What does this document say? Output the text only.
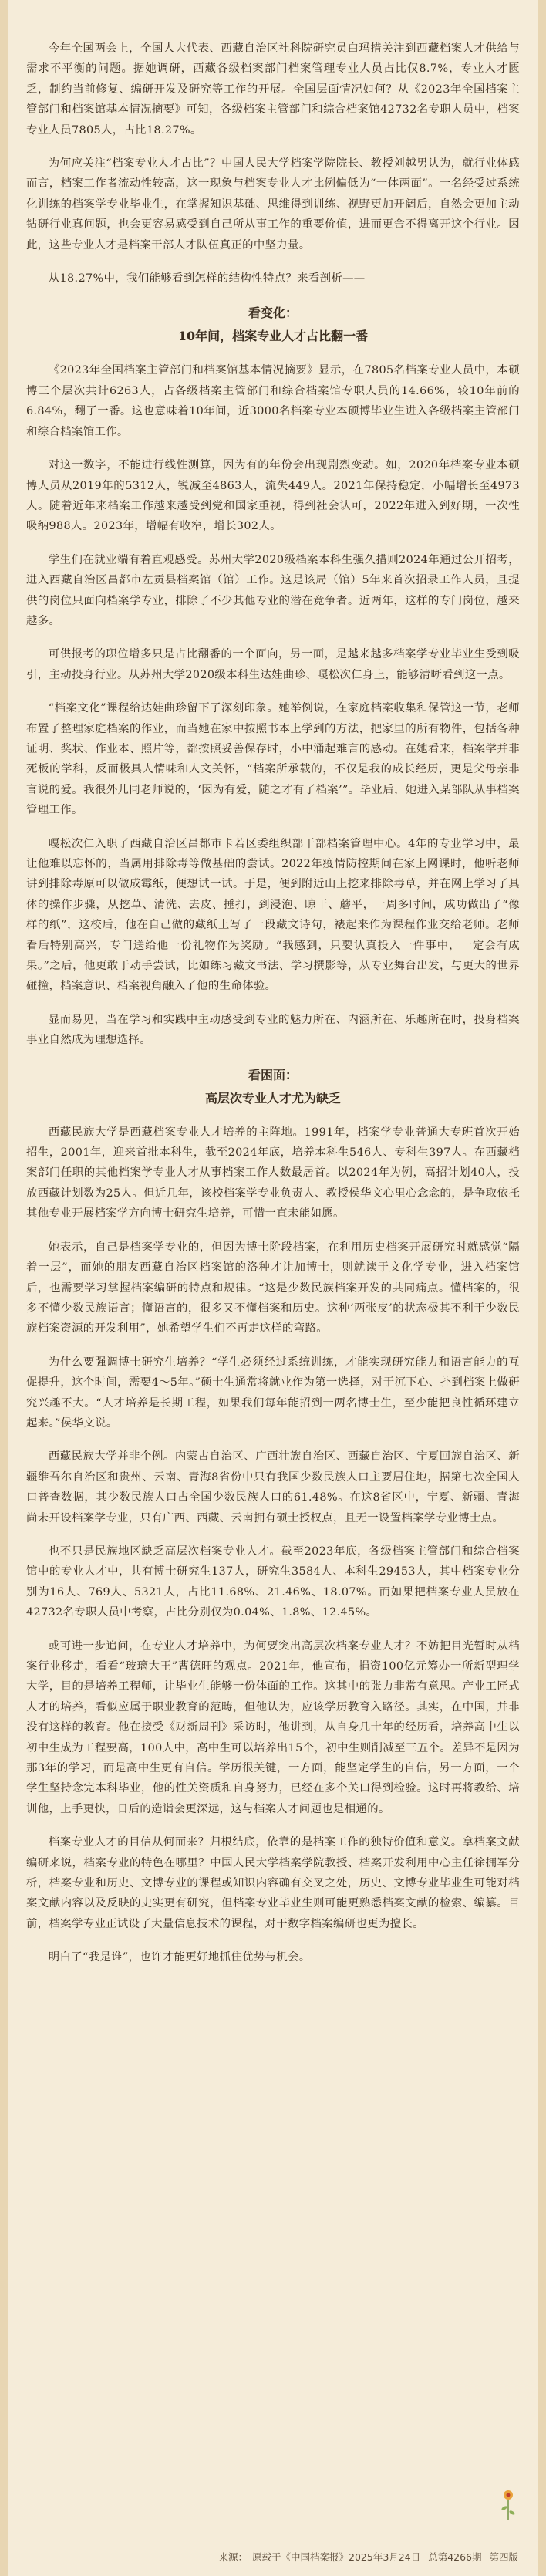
今年全国两会上，全国人大代表、西藏自治区社科院研究员白玛措关注到西藏档案人才供给与需求不平衡的问题。据她调研，西藏各级档案部门档案管理专业人员占比仅8.7%，专业人才匮乏，制约当前修复、编研开发及研究等工作的开展。全国层面情况如何？从《2023年全国档案主管部门和档案馆基本情况摘要》可知，各级档案主管部门和综合档案馆42732名专职人员中，档案专业人员7805人，占比18.27%。

为何应关注“档案专业人才占比”？中国人民大学档案学院院长、教授刘越男认为，就行业体感而言，档案工作者流动性较高，这一现象与档案专业人才比例偏低为“一体两面”。一名经受过系统化训练的档案学专业毕业生，在掌握知识基础、思维得到训练、视野更加开阔后，自然会更加主动钻研行业真问题，也会更容易感受到自己所从事工作的重要价值，进而更舍不得离开这个行业。因此，这些专业人才是档案干部人才队伍真正的中坚力量。

从18.27%中，我们能够看到怎样的结构性特点？来看剖析——

看变化：
10年间，档案专业人才占比翻一番

《2023年全国档案主管部门和档案馆基本情况摘要》显示，在7805名档案专业人员中，本硕博三个层次共计6263人，占各级档案主管部门和综合档案馆专职人员的14.66%，较10年前的6.84%，翻了一番。这也意味着10年间，近3000名档案专业本硕博毕业生进入各级档案主管部门和综合档案馆工作。

对这一数字，不能进行线性测算，因为有的年份会出现剧烈变动。如，2020年档案专业本硕博人员从2019年的5312人，锐减至4863人，流失449人。2021年保持稳定，小幅增长至4973人。随着近年来档案工作越来越受到党和国家重视，得到社会认可，2022年进入到好期，一次性吸纳988人。2023年，增幅有收窄，增长302人。

学生们在就业端有着直观感受。苏州大学2020级档案本科生强久措则2024年通过公开招考，进入西藏自治区昌都市左贡县档案馆（馆）工作。这是该局（馆）5年来首次招录工作人员，且提供的岗位只面向档案学专业，排除了不少其他专业的潜在竞争者。近两年，这样的专门岗位，越来越多。

可供报考的职位增多只是占比翻番的一个面向，另一面，是越来越多档案学专业毕业生受到吸引，主动投身行业。从苏州大学2020级本科生达娃曲珍、嘎松次仁身上，能够清晰看到这一点。

“档案文化”课程给达娃曲珍留下了深刻印象。她举例说，在家庭档案收集和保管这一节，老师布置了整理家庭档案的作业，而当她在家中按照书本上学到的方法，把家里的所有物件，包括各种证明、奖状、作业本、照片等，都按照妥善保存时，小中涌起难言的感动。在她看来，档案学并非死板的学科，反而极具人情味和人文关怀，“档案所承载的，不仅是我的成长经历，更是父母亲非言说的爱。我很外儿同老师说的，‘因为有爱，随之才有了档案’”。毕业后，她进入某部队从事档案管理工作。

嘎松次仁入职了西藏自治区昌都市卡若区委组织部干部档案管理中心。4年的专业学习中，最让他难以忘怀的，当属用排除毒等做基础的尝试。2022年疫情防控期间在家上网课时，他听老师讲到排除毒原可以做成霉纸，便想试一试。于是，便到附近山上挖来排除毒草，并在网上学习了具体的操作步骤，从挖草、清洗、去皮、捶打，到浸泡、晾干、蘑平，一周多时间，成功做出了“像样的纸”，这校后，他在自己做的藏纸上写了一段藏文诗句，裱起来作为课程作业交给老师。老师看后特别高兴，专门送给他一份礼物作为奖励。“我感到，只要认真投入一件事中，一定会有成果。”之后，他更敢于动手尝试，比如练习藏文书法、学习撰影等，从专业舞台出发，与更大的世界碰撞，档案意识、档案视角融入了他的生命体验。

显而易见，当在学习和实践中主动感受到专业的魅力所在、内涵所在、乐趣所在时，投身档案事业自然成为理想选择。

看困面：
高层次专业人才尤为缺乏

西藏民族大学是西藏档案专业人才培养的主阵地。1991年，档案学专业普通大专班首次开始招生，2001年，迎来首批本科生，截至2024年底，培养本科生546人、专科生397人。在西藏档案部门任职的其他档案学专业人才从事档案工作人数最居首。以2024年为例，高招计划40人，投放西藏计划数为25人。但近几年，该校档案学专业负责人、教授侯华文心里心念念的，是争取依托其他专业开展档案学方向博士研究生培养，可惜一直未能如愿。

她表示，自己是档案学专业的，但因为博士阶段档案，在利用历史档案开展研究时就感觉“隔着一层”，而她的朋友西藏自治区档案馆的洛种才让加博士，则就读于文化学专业，进入档案馆后，也需要学习掌握档案编研的特点和规律。“这是少数民族档案开发的共同痛点。懂档案的，很多不懂少数民族语言；懂语言的，很多又不懂档案和历史。这种‘两张皮’的状态极其不利于少数民族档案资源的开发利用”，她希望学生们不再走这样的弯路。

为什么要强调博士研究生培养？“学生必须经过系统训练，才能实现研究能力和语言能力的互促提升，这个时间，需要4～5年。”硕士生通常将就业作为第一选择，对于沉下心、扑到档案上做研究兴趣不大。“人才培养是长期工程，如果我们每年能招到一两名博士生，至少能把良性循环建立起来。”侯华文说。

西藏民族大学并非个例。内蒙古自治区、广西壮族自治区、西藏自治区、宁夏回族自治区、新疆维吾尔自治区和贵州、云南、青海8省份中只有我国少数民族人口主要居住地，据第七次全国人口普查数据，其少数民族人口占全国少数民族人口的61.48%。在这8省区中，宁夏、新疆、青海尚未开设档案学专业，只有广西、西藏、云南拥有硕士授权点，且无一设置档案学专业博士点。

也不只是民族地区缺乏高层次档案专业人才。截至2023年底，各级档案主管部门和综合档案馆中的专业人才中，共有博士研究生137人，研究生3584人、本科生29453人，其中档案专业分别为16人、769人、5321人，占比11.68%、21.46%、18.07%。而如果把档案专业人员放在42732名专职人员中考察，占比分别仅为0.04%、1.8%、12.45%。

或可进一步追问，在专业人才培养中，为何要突出高层次档案专业人才？不妨把目光暂时从档案行业移走，看看“玻璃大王”曹德旺的观点。2021年，他宣布，捐资100亿元筹办一所新型理学大学，目的是培养工程师，让毕业生能够一份体面的工作。这其中的张力非常有意思。产业工匠式人才的培养，看似应属于职业教育的范畴，但他认为，应该学历教育入路径。其实，在中国，并非没有这样的教育。他在接受《财新周刊》采访时，他讲到，从自身几十年的经历看，培养高中生以初中生成为工程要高，100人中，高中生可以培养出15个，初中生则削减至三五个。差异不是因为那3年的学习，而是高中生更有自信。学历很关键，一方面，能坚定学生的自信，另一方面，一个学生坚持念完本科毕业，他的性关资质和自身努力，已经在多个关口得到检验。这时再将教给、培训他，上手更快，日后的造诣会更深远，这与档案人才问题也是相通的。

档案专业人才的目信从何而来？归根结底，依靠的是档案工作的独特价值和意义。拿档案文献编研来说，档案专业的特色在哪里？中国人民大学档案学院教授、档案开发利用中心主任徐拥军分析，档案专业和历史、文博专业的课程或知识内容确有交叉之处，历史、文博专业毕业生可能对档案文献内容以及反映的史实更有研究，但档案专业毕业生则可能更熟悉档案文献的检索、编纂。目前，档案学专业正试设了大量信息技术的课程，对于数字档案编研也更为擅长。

明白了“我是谁”，也许才能更好地抓住优势与机会。

来源： 原载于《中国档案报》2025年3月24日 总第4266期 第四版
